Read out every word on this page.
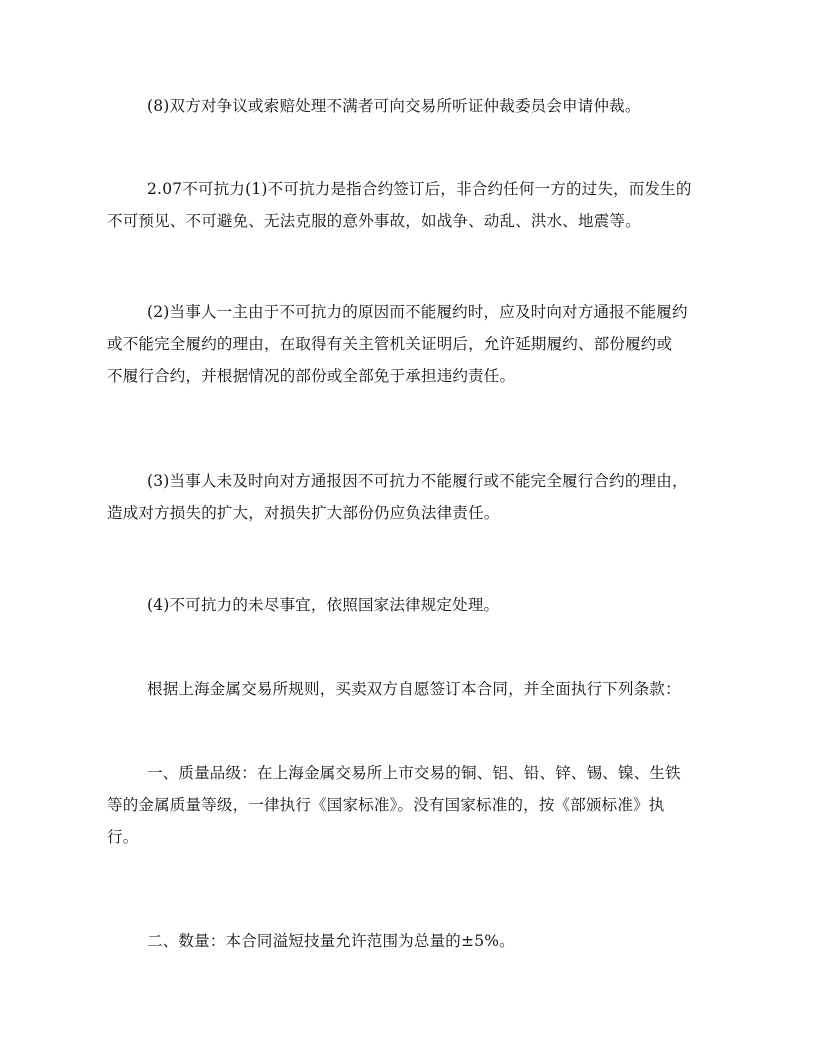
(8)双方对争议或索赔处理不满者可向交易所听证仲裁委员会申请仲裁。
2.07不可抗力(1)不可抗力是指合约签订后，非合约任何一方的过失，而发生的
不可预见、不可避免、无法克服的意外事故，如战争、动乱、洪水、地震等。
(2)当事人一主由于不可抗力的原因而不能履约时，应及时向对方通报不能履约
或不能完全履约的理由，在取得有关主管机关证明后，允许延期履约、部份履约或
不履行合约，并根据情况的部份或全部免于承担违约责任。
(3)当事人未及时向对方通报因不可抗力不能履行或不能完全履行合约的理由，
造成对方损失的扩大，对损失扩大部份仍应负法律责任。
(4)不可抗力的未尽事宜，依照国家法律规定处理。
根据上海金属交易所规则，买卖双方自愿签订本合同，并全面执行下列条款：
一、质量品级：在上海金属交易所上市交易的铜、铝、铅、锌、锡、镍、生铁
等的金属质量等级，一律执行《国家标准》。没有国家标准的，按《部颁标准》执
行。
二、数量：本合同溢短技量允许范围为总量的±5%。
